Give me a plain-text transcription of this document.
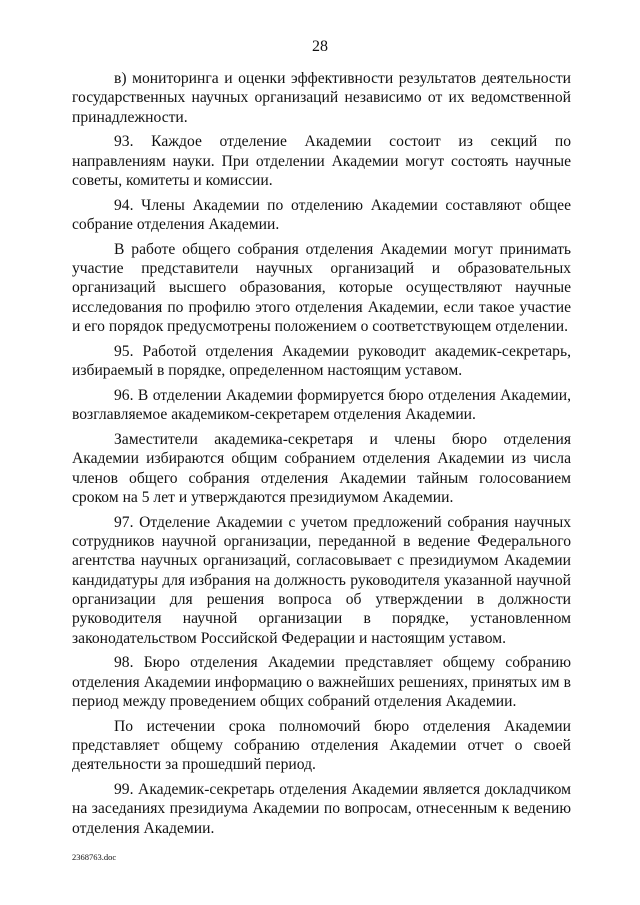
28

в) мониторинга и оценки эффективности результатов деятельности государственных научных организаций независимо от их ведомственной принадлежности.

93. Каждое отделение Академии состоит из секций по направлениям науки. При отделении Академии могут состоять научные советы, комитеты и комиссии.

94. Члены Академии по отделению Академии составляют общее собрание отделения Академии.

В работе общего собрания отделения Академии могут принимать участие представители научных организаций и образовательных организаций высшего образования, которые осуществляют научные исследования по профилю этого отделения Академии, если такое участие и его порядок предусмотрены положением о соответствующем отделении.

95. Работой отделения Академии руководит академик-секретарь, избираемый в порядке, определенном настоящим уставом.

96. В отделении Академии формируется бюро отделения Академии, возглавляемое академиком-секретарем отделения Академии.

Заместители академика-секретаря и члены бюро отделения Академии избираются общим собранием отделения Академии из числа членов общего собрания отделения Академии тайным голосованием сроком на 5 лет и утверждаются президиумом Академии.

97. Отделение Академии с учетом предложений собрания научных сотрудников научной организации, переданной в ведение Федерального агентства научных организаций, согласовывает с президиумом Академии кандидатуры для избрания на должность руководителя указанной научной организации для решения вопроса об утверждении в должности руководителя научной организации в порядке, установленном законодательством Российской Федерации и настоящим уставом.

98. Бюро отделения Академии представляет общему собранию отделения Академии информацию о важнейших решениях, принятых им в период между проведением общих собраний отделения Академии.

По истечении срока полномочий бюро отделения Академии представляет общему собранию отделения Академии отчет о своей деятельности за прошедший период.

99. Академик-секретарь отделения Академии является докладчиком на заседаниях президиума Академии по вопросам, отнесенным к ведению отделения Академии.

2368763.doc
